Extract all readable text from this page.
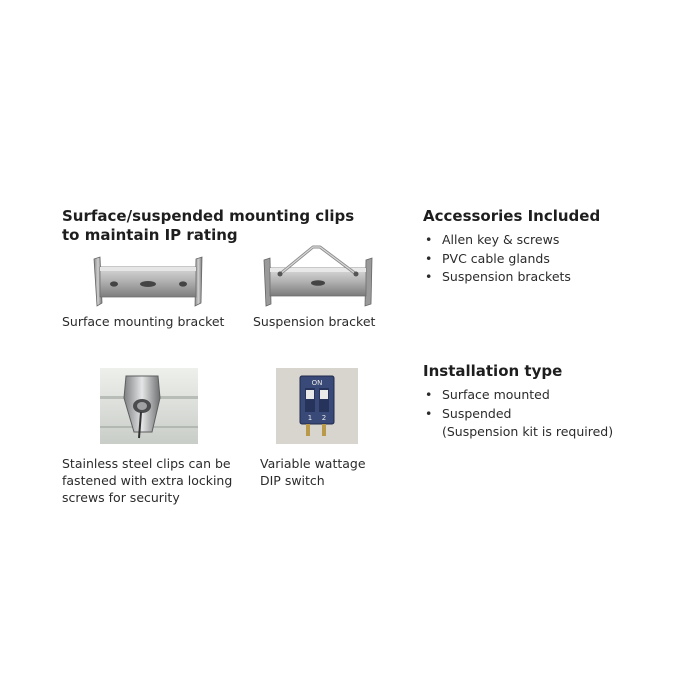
Surface/suspended mounting clips
to maintain IP rating
Surface mounting bracket Suspension bracket
Stainless steel clips can be
fastened with extra locking
screws for security
ON
1 2
Variable wattage
DIP switch
Accessories Included
• Allen key & screws
• PVC cable glands
• Suspension brackets
Installation type
• Surface mounted
• Suspended
(Suspension kit is required)
